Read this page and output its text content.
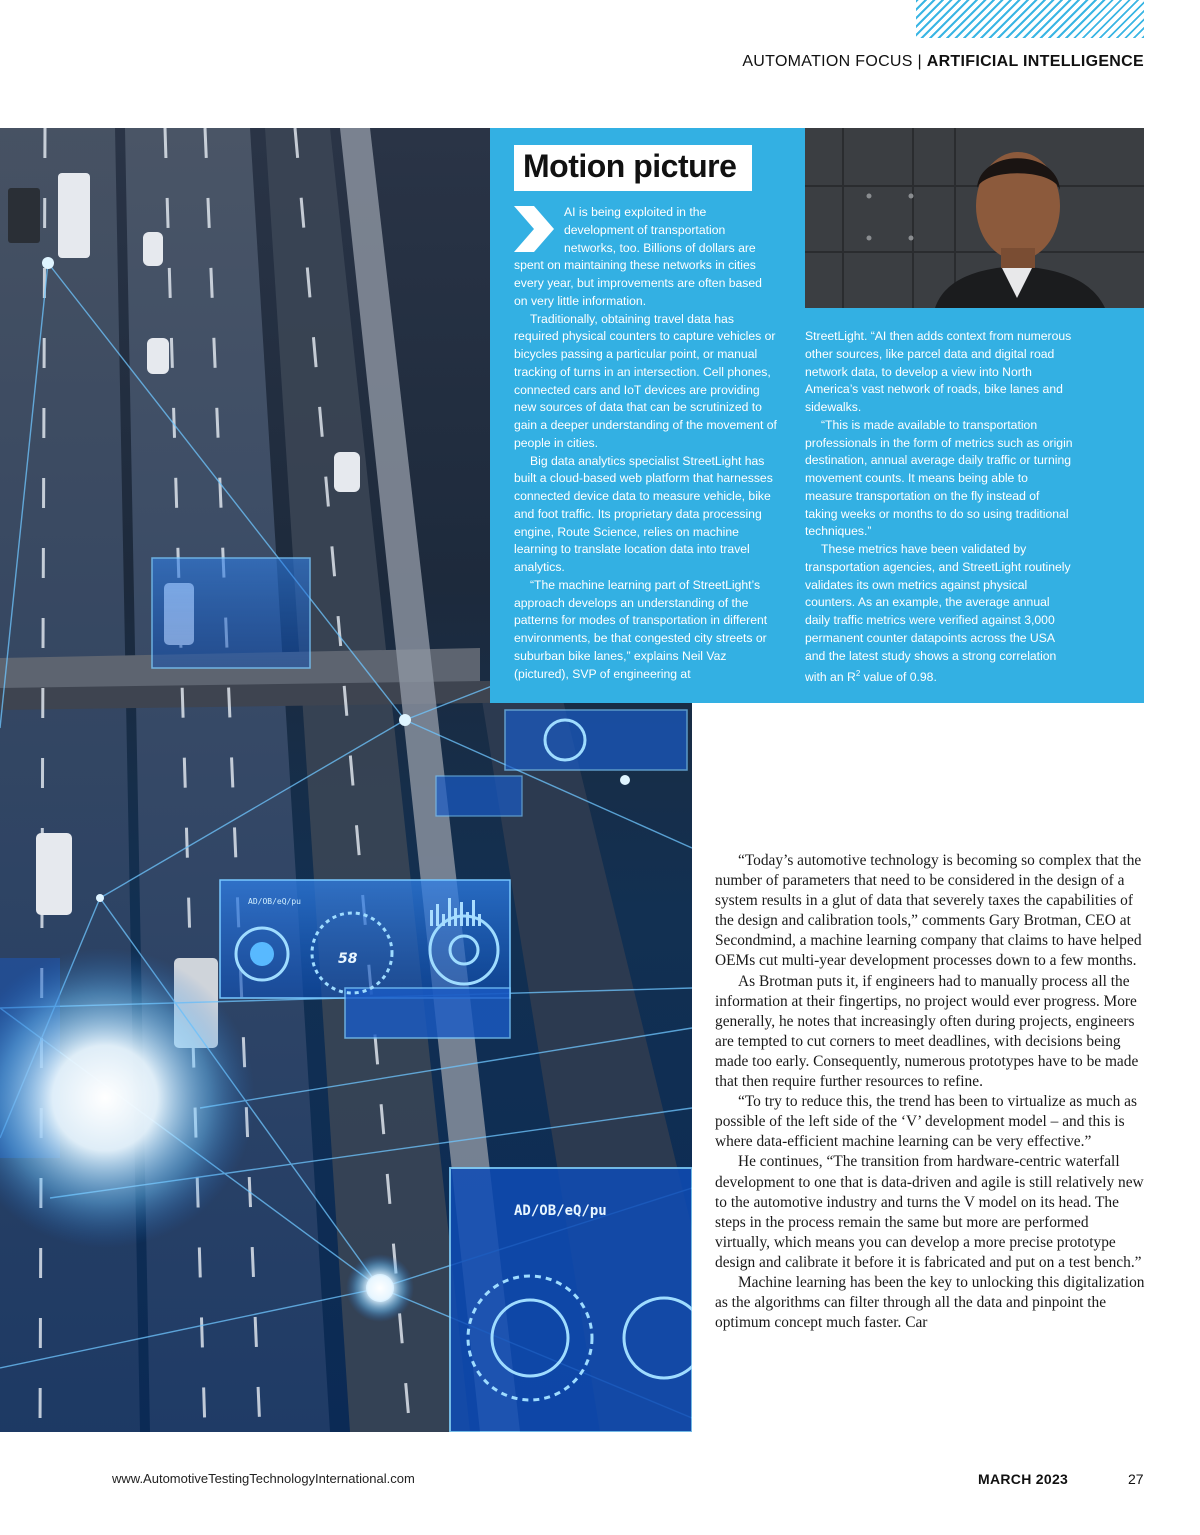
AUTOMATION FOCUS | ARTIFICIAL INTELLIGENCE
AD/OB/eQ/pu
58
AD/OB/eQ/pu
Motion picture

AI is being exploited in the development of transportation networks, too. Billions of dollars are spent on maintaining these networks in cities every year, but improvements are often based on very little information.

Traditionally, obtaining travel data has required physical counters to capture vehicles or bicycles passing a particular point, or manual tracking of turns in an intersection. Cell phones, connected cars and IoT devices are providing new sources of data that can be scrutinized to gain a deeper understanding of the movement of people in cities.

Big data analytics specialist StreetLight has built a cloud-based web platform that harnesses connected device data to measure vehicle, bike and foot traffic. Its proprietary data processing engine, Route Science, relies on machine learning to translate location data into travel analytics.

“The machine learning part of StreetLight’s approach develops an understanding of the patterns for modes of transportation in different environments, be that congested city streets or suburban bike lanes,” explains Neil Vaz (pictured), SVP of engineering at

StreetLight. “AI then adds context from numerous other sources, like parcel data and digital road network data, to develop a view into North America’s vast network of roads, bike lanes and sidewalks.

“This is made available to transportation professionals in the form of metrics such as origin destination, annual average daily traffic or turning movement counts. It means being able to measure transportation on the fly instead of taking weeks or months to do so using traditional techniques.”

These metrics have been validated by transportation agencies, and StreetLight routinely validates its own metrics against physical counters. As an example, the average annual daily traffic metrics were verified against 3,000 permanent counter datapoints across the USA and the latest study shows a strong correlation with an $R^2$ value of 0.98.

“Today’s automotive technology is becoming so complex that the number of parameters that need to be considered in the design of a system results in a glut of data that severely taxes the capabilities of the design and calibration tools,” comments Gary Brotman, CEO at Secondmind, a machine learning company that claims to have helped OEMs cut multi-year development processes down to a few months.

As Brotman puts it, if engineers had to manually process all the information at their fingertips, no project would ever progress. More generally, he notes that increasingly often during projects, engineers are tempted to cut corners to meet deadlines, with decisions being made too early. Consequently, numerous prototypes have to be made that then require further resources to refine.

“To try to reduce this, the trend has been to virtualize as much as possible of the left side of the ‘V’ development model – and this is where data-efficient machine learning can be very effective.”

He continues, “The transition from hardware-centric waterfall development to one that is data-driven and agile is still relatively new to the automotive industry and turns the V model on its head. The steps in the process remain the same but more are performed virtually, which means you can develop a more precise prototype design and calibrate it before it is fabricated and put on a test bench.”

Machine learning has been the key to unlocking this digitalization as the algorithms can filter through all the data and pinpoint the optimum concept much faster. Car

www.AutomotiveTestingTechnologyInternational.com	MARCH 2023	27
